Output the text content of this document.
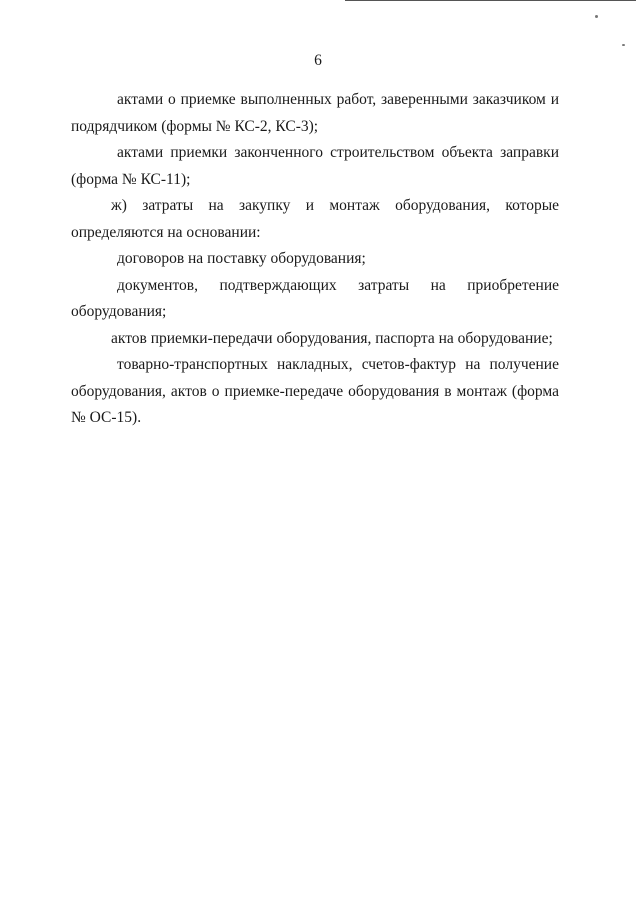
6

актами о приемке выполненных работ, заверенными заказчиком и подрядчиком (формы № КС-2, КС-3);

актами приемки законченного строительством объекта заправки (форма № КС-11);

ж) затраты на закупку и монтаж оборудования, которые определяются на основании:

договоров на поставку оборудования;

документов, подтверждающих затраты на приобретение оборудования;

актов приемки-передачи оборудования, паспорта на оборудование;

товарно-транспортных накладных, счетов-фактур на получение оборудования, актов о приемке-передаче оборудования в монтаж (форма № ОС-15).
